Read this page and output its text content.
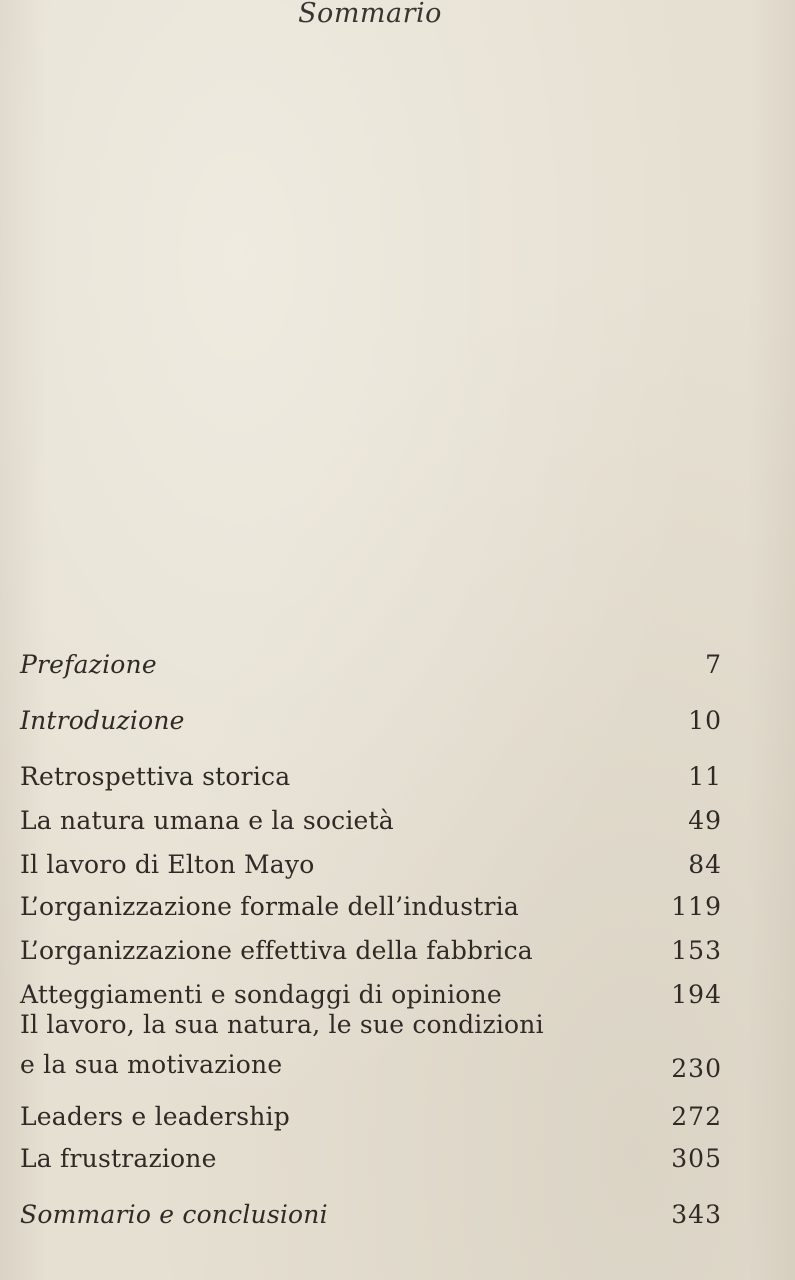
Sommario
Prefazione	7
Introduzione	10
Retrospettiva storica	11
La natura umana e la società	49
Il lavoro di Elton Mayo	84
L’organizzazione formale dell’industria	119
L’organizzazione effettiva della fabbrica	153
Atteggiamenti e sondaggi di opinione	194
Il lavoro, la sua natura, le sue condizioni
e la sua motivazione	230
Leaders e leadership	272
La frustrazione	305
Sommario e conclusioni	343
